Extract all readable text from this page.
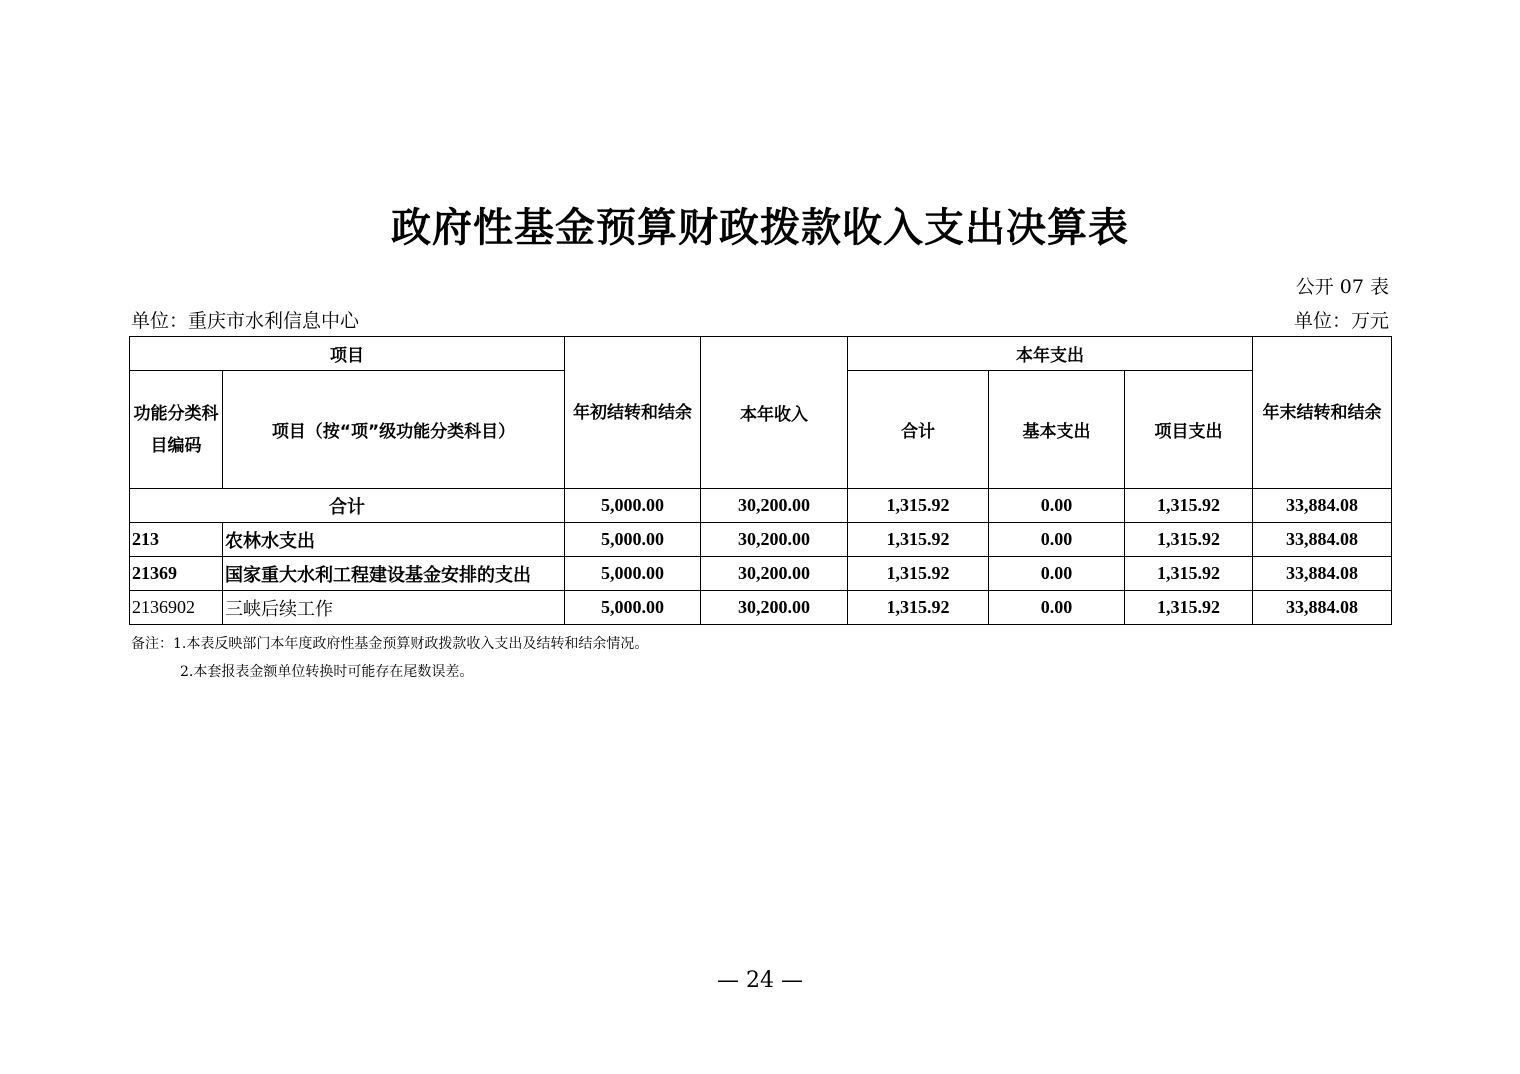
政府性基金预算财政拨款收入支出决算表
公开 07 表
单位：重庆市水利信息中心	单位：万元
项目		年初结转和结余	本年收入	本年支出			年末结转和结余
功能分类科目编码	项目（按“项”级功能分类科目）			合计	基本支出	项目支出	
合计		5,000.00	30,200.00	1,315.92	0.00	1,315.92	33,884.08
213	农林水支出	5,000.00	30,200.00	1,315.92	0.00	1,315.92	33,884.08
21369	国家重大水利工程建设基金安排的支出	5,000.00	30,200.00	1,315.92	0.00	1,315.92	33,884.08
2136902	三峡后续工作	5,000.00	30,200.00	1,315.92	0.00	1,315.92	33,884.08
备注：1.本表反映部门本年度政府性基金预算财政拨款收入支出及结转和结余情况。
2.本套报表金额单位转换时可能存在尾数误差。
— 24 —
